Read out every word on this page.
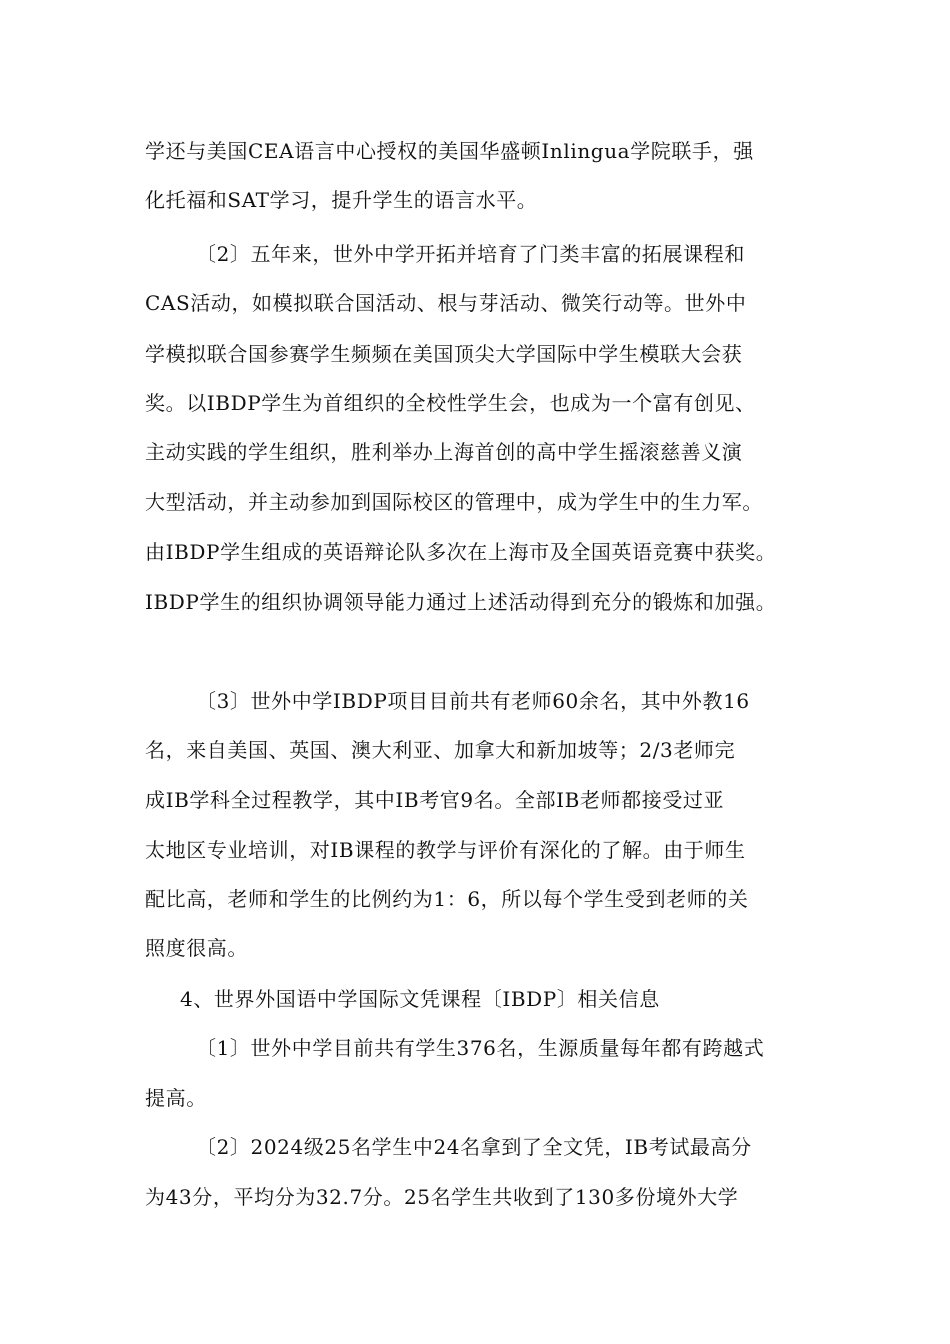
学还与美国CEA语言中心授权的美国华盛顿Inlingua学院联手，强
化托福和SAT学习，提升学生的语言水平。
〔2〕五年来，世外中学开拓并培育了门类丰富的拓展课程和
CAS活动，如模拟联合国活动、根与芽活动、微笑行动等。世外中
学模拟联合国参赛学生频频在美国顶尖大学国际中学生模联大会获
奖。以IBDP学生为首组织的全校性学生会，也成为一个富有创见、
主动实践的学生组织，胜利举办上海首创的高中学生摇滚慈善义演
大型活动，并主动参加到国际校区的管理中，成为学生中的生力军。
由IBDP学生组成的英语辩论队多次在上海市及全国英语竞赛中获奖。
IBDP学生的组织协调领导能力通过上述活动得到充分的锻炼和加强。
〔3〕世外中学IBDP项目目前共有老师60余名，其中外教16
名，来自美国、英国、澳大利亚、加拿大和新加坡等；2/3老师完
成IB学科全过程教学，其中IB考官9名。全部IB老师都接受过亚
太地区专业培训，对IB课程的教学与评价有深化的了解。由于师生
配比高，老师和学生的比例约为1：6，所以每个学生受到老师的关
照度很高。
4、世界外国语中学国际文凭课程〔IBDP〕相关信息
〔1〕世外中学目前共有学生376名，生源质量每年都有跨越式
提高。
〔2〕2024级25名学生中24名拿到了全文凭，IB考试最高分
为43分，平均分为32.7分。25名学生共收到了130多份境外大学
